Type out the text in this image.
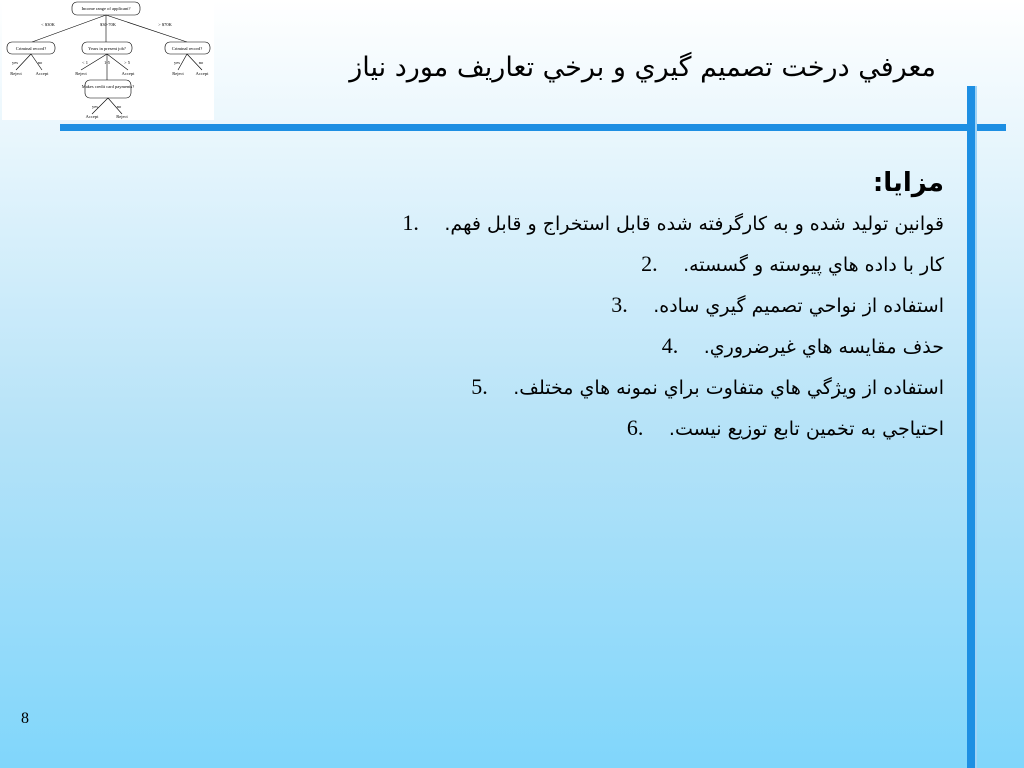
Income range of applicant?
< $30K	$30-70K	> $70K
Criminal record?	Years in present job?	Criminal record?
yes	no	< 1	1-5	> 5	yes	no
Reject	Accept	Reject	Accept	Reject	Accept
Makes credit card payments?
yes	no
Accept	Reject
معرفي درخت تصميم گيري و برخي تعاريف مورد نياز
مزايا:
قوانين توليد شده و به كارگرفته شده قابل استخراج و قابل فهم.
1.
كار با داده هاي پيوسته و گسسته.
2.
استفاده از نواحي تصميم گيري ساده.
3.
حذف مقايسه هاي غيرضروري.
4.
استفاده از ويژگي هاي متفاوت براي نمونه هاي مختلف.
5.
احتياجي به تخمين تابع توزيع نيست.
6.
8
